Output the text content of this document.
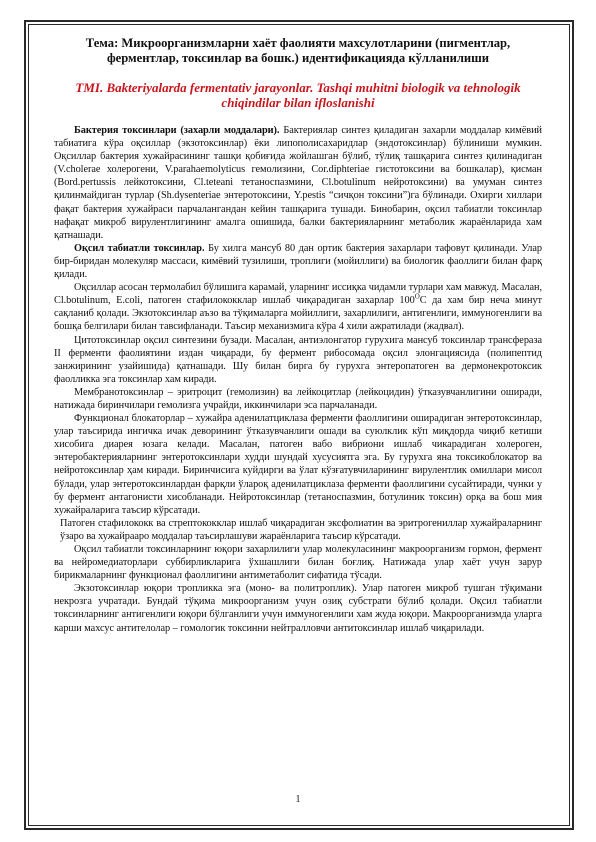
Тема: Микроорганизмларни хаёт фаолияти махсулотларини (пигментлар, ферментлар, токсинлар ва бошк.) идентификацияда кўлланилиши
TMI. Bakteriyalarda fermentativ jarayonlar. Tashqi muhitni biologik va tehnologik chiqindilar bilan ifloslanishi

Бактерия токсинлари (захарли моддалари). Бактериялар синтез қиладиган захарли моддалар кимёвий табиатига кўра оқсиллар (экзотоксинлар) ёки липополисахаридлар (эндотоксинлар) бўлиниши мумкин. Оқсиллар бактерия хужайрасининг ташқи қобиғида жойлашган бўлиб, тўлиқ ташқарига синтез қилинадиган (V.cholerae холерогени, V.parahaemolyticus гемолизини, Cor.diphteriae гистотоксини ва бошкалар), қисман (Bord.pertussis лейкотоксини, Cl.teteani тетаноспазмини, Cl.botulinum нейротоксини) ва умуман синтез қилинмайдиган турлар (Sh.dysenteriae энтеротоксини, Y.pestis “сичқон токсини”)га бўлинади. Охирги хиллари фақат бактерия хужайраси парчалангандан кейин ташқарига тушади. Бинобарин, оқсил табиатли токсинлар нафақат микроб вирулентлигининг амалга ошишида, балки бактерияларнинг метаболик жараёнларида хам қатнашади.

Оқсил табиатли токсинлар. Бу хилга мансуб 80 дан ортик бактерия захарлари тафовут қилинади. Улар бир-биридан молекуляр массаси, кимёвий тузилиши, троплиги (мойиллиги) ва биологик фаоллиги билан фарқ қилади.

Оқсиллар асосан термолабил бўлишига карамай, уларнинг иссиқка чидамли турлари хам мавжуд. Масалан, Cl.botulinum, E.coli, патоген стафилококклар ишлаб чиқарадиган захарлар $100^ОС$ да хам бир неча минут сақланиб қолади. Экзотоксинлар аъзо ва тўқималарга мойиллиги, захарлилиги, антигенлиги, иммуногенлиги ва бошқа белгилари билан тавсифланади. Таъсир механизмига кўра 4 хили ажратилади (жадвал).

Цитотоксинлар оқсил синтезини бузади. Масалан, антиэлонгатор гурухига мансуб токсинлар трансфераза II ферменти фаолиятини издан чиқаради, бу фермент рибосомада оқсил элонгациясида (полипептид занжирининг узайишида) қатнашади. Шу билан бирга бу гурухга энтеропатоген ва дермонекротоксик фаолликка эга токсинлар хам киради.

Мембранотоксинлар – эритроцит (гемолизин) ва лейкоцитлар (лейкоцидин) ўтказувчанлигини оширади, натижада биринчилари гемолизга учрайди, иккинчилари эса парчаланади.

Функционал блокаторлар – хужайра аденилатциклаза ферменти фаоллигини оширадиган энтеротоксинлар, улар таъсирида ингичка ичак деворининг ўтказувчанлиги ошади ва суюлклик кўп миқдорда чиқиб кетиши хисобига диарея юзага келади. Масалан, патоген вабо вибриони ишлаб чикарадиган холероген, энтеробактерияларнинг энтеротоксинлари худди шундай хусусиятга эга. Бу гурухга яна токсикоблокатор ва нейротоксинлар ҳам киради. Биринчисига куйдирги ва ўлат кўзғатувчиларининг вирулентлик омиллари мисол бўлади, улар энтеротоксинлардан фарқли ўлароқ аденилатциклаза ферменти фаоллигини сусайтиради, чунки у бу фермент антагонисти хисобланади. Нейротоксинлар (тетаноспазмин, ботулиник токсин) орқа ва бош мия хужайраларига таъсир кўрсатади.

Патоген стафилококк ва стрептококклар ишлаб чиқарадиган эксфолиатин ва эритрогениллар хужайраларнинг ўзаро ва хужайрааро моддалар таъсирлашуви жараёнларига таъсир кўрсатади.

Оқсил табиатли токсинларнинг юқори захарлилиги улар молекуласининг макроорганизм гормон, фермент ва нейромедиаторлари суббирликларига ўхшашлиги билан боғлиқ. Натижада улар хаёт учун зарур бирикмаларнинг функционал фаоллигини антиметаболит сифатида тўсади.

Экзотоксинлар юқори троплик​ка эга (моно- ва политроплик). Улар патоген микроб тушган тўқимани некрозга учратади. Бундай тўқима микроорганизм учун озиқ субстрати бўлиб қолади. Оқсил табиатли токсинларнинг антигенлиги юқори бўлганлиги учун иммуногенлиги хам жуда юқори. Макроорганизмда уларга карши махсус антителолар – гомологик токсинни нейтралловчи антитоксинлар ишлаб чиқарилади.

1
